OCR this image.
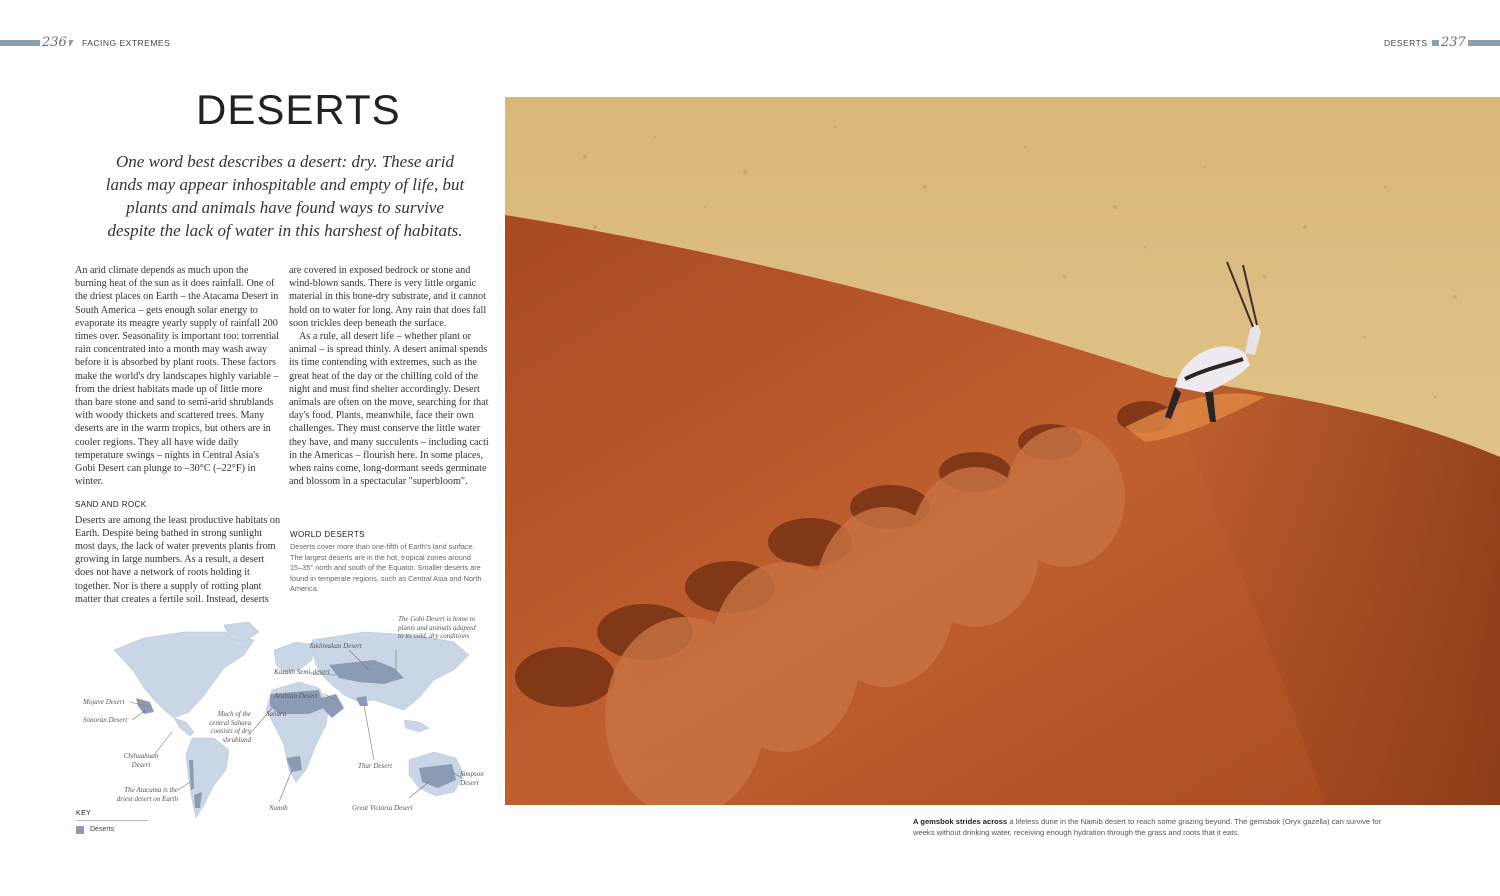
236 FACING EXTREMES	DESERTS 237
DESERTS
One word best describes a desert: dry. These arid lands may appear inhospitable and empty of life, but plants and animals have found ways to survive despite the lack of water in this harshest of habitats.

An arid climate depends as much upon the burning heat of the sun as it does rainfall. One of the driest places on Earth – the Atacama Desert in South America – gets enough solar energy to evaporate its meagre yearly supply of rainfall 200 times over. Seasonality is important too: torrential rain concentrated into a month may wash away before it is absorbed by plant roots. These factors make the world's dry landscapes highly variable – from the driest habitats made up of little more than bare stone and sand to semi-arid shrublands with woody thickets and scattered trees. Many deserts are in the warm tropics, but others are in cooler regions. They all have wide daily temperature swings – nights in Central Asia's Gobi Desert can plunge to –30°C (–22°F) in winter.

SAND AND ROCK

Deserts are among the least productive habitats on Earth. Despite being bathed in strong sunlight most days, the lack of water prevents plants from growing in large numbers. As a result, a desert does not have a network of roots holding it together. Nor is there a supply of rotting plant matter that creates a fertile soil. Instead, deserts

are covered in exposed bedrock or stone and wind-blown sands. There is very little organic material in this bone-dry substrate, and it cannot hold on to water for long. Any rain that does fall soon trickles deep beneath the surface.

As a rule, all desert life – whether plant or animal – is spread thinly. A desert animal spends its time contending with extremes, such as the great heat of the day or the chilling cold of the night and must find shelter accordingly. Desert animals are often on the move, searching for that day's food. Plants, meanwhile, face their own challenges. They must conserve the little water they have, and many succulents – including cacti in the Americas – flourish here. In some places, when rains come, long-dormant seeds germinate and blossom in a spectacular "superbloom".

WORLD DESERTS
Deserts cover more than one-fifth of Earth's land surface. The largest deserts are in the hot, tropical zones around 15–35° north and south of the Equator. Smaller deserts are found in temperate regions, such as Central Asia and North America.
Mojave Desert
Sonoran Desert
Chihuahuan Desert
The Atacama is the driest desert on Earth
Much of the central Sahara consists of dry shrubland
Sahara
Arabian Desert
Kazakh Semi-desert
Taklimakan Desert
The Gobi Desert is home to plants and animals adapted to its cold, dry conditions
Thar Desert
Namib	Great Victoria Desert
Simpson Desert
KEY
Deserts
A gemsbok strides across a lifeless dune in the Namib desert to reach some grazing beyond. The gemsbok (Oryx gazella) can survive for weeks without drinking water, receiving enough hydration through the grass and roots that it eats.
